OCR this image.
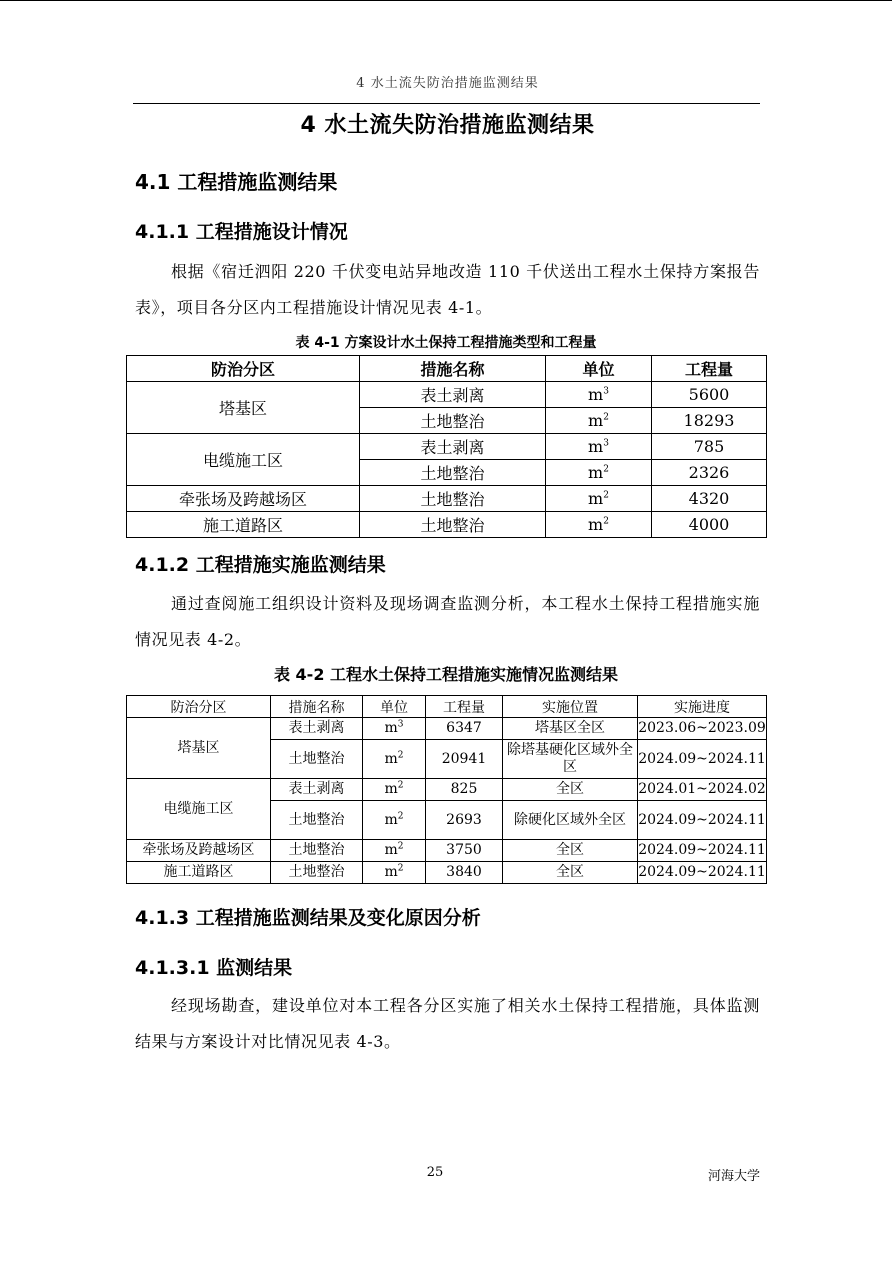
4 水土流失防治措施监测结果
4 水土流失防治措施监测结果
4.1 工程措施监测结果
4.1.1 工程措施设计情况

根据《宿迁泗阳 220 千伏变电站异地改造 110 千伏送出工程水土保持方案报告表》，项目各分区内工程措施设计情况见表 4-1。

表 4-1 方案设计水土保持工程措施类型和工程量

防治分区	措施名称	单位	工程量
塔基区	表土剥离	$m^3$	5600
	土地整治	$m^2$	18293
电缆施工区	表土剥离	$m^3$	785
	土地整治	$m^2$	2326
牵张场及跨越场区	土地整治	$m^2$	4320
施工道路区	土地整治	$m^2$	4000
4.1.2 工程措施实施监测结果

通过查阅施工组织设计资料及现场调查监测分析，本工程水土保持工程措施实施情况见表 4-2。

表 4-2 工程水土保持工程措施实施情况监测结果

防治分区	措施名称	单位	工程量	实施位置	实施进度
塔基区	表土剥离	$m^3$	6347	塔基区全区	2023.06~2023.09
	土地整治	$m^2$	20941	除塔基硬化区域外全区	2024.09~2024.11
电缆施工区	表土剥离	$m^2$	825	全区	2024.01~2024.02
	土地整治	$m^2$	2693	除硬化区域外全区	2024.09~2024.11
牵张场及跨越场区	土地整治	$m^2$	3750	全区	2024.09~2024.11
施工道路区	土地整治	$m^2$	3840	全区	2024.09~2024.11
4.1.3 工程措施监测结果及变化原因分析
4.1.3.1 监测结果

经现场勘查，建设单位对本工程各分区实施了相关水土保持工程措施，具体监测结果与方案设计对比情况见表 4-3。

25	河海大学
